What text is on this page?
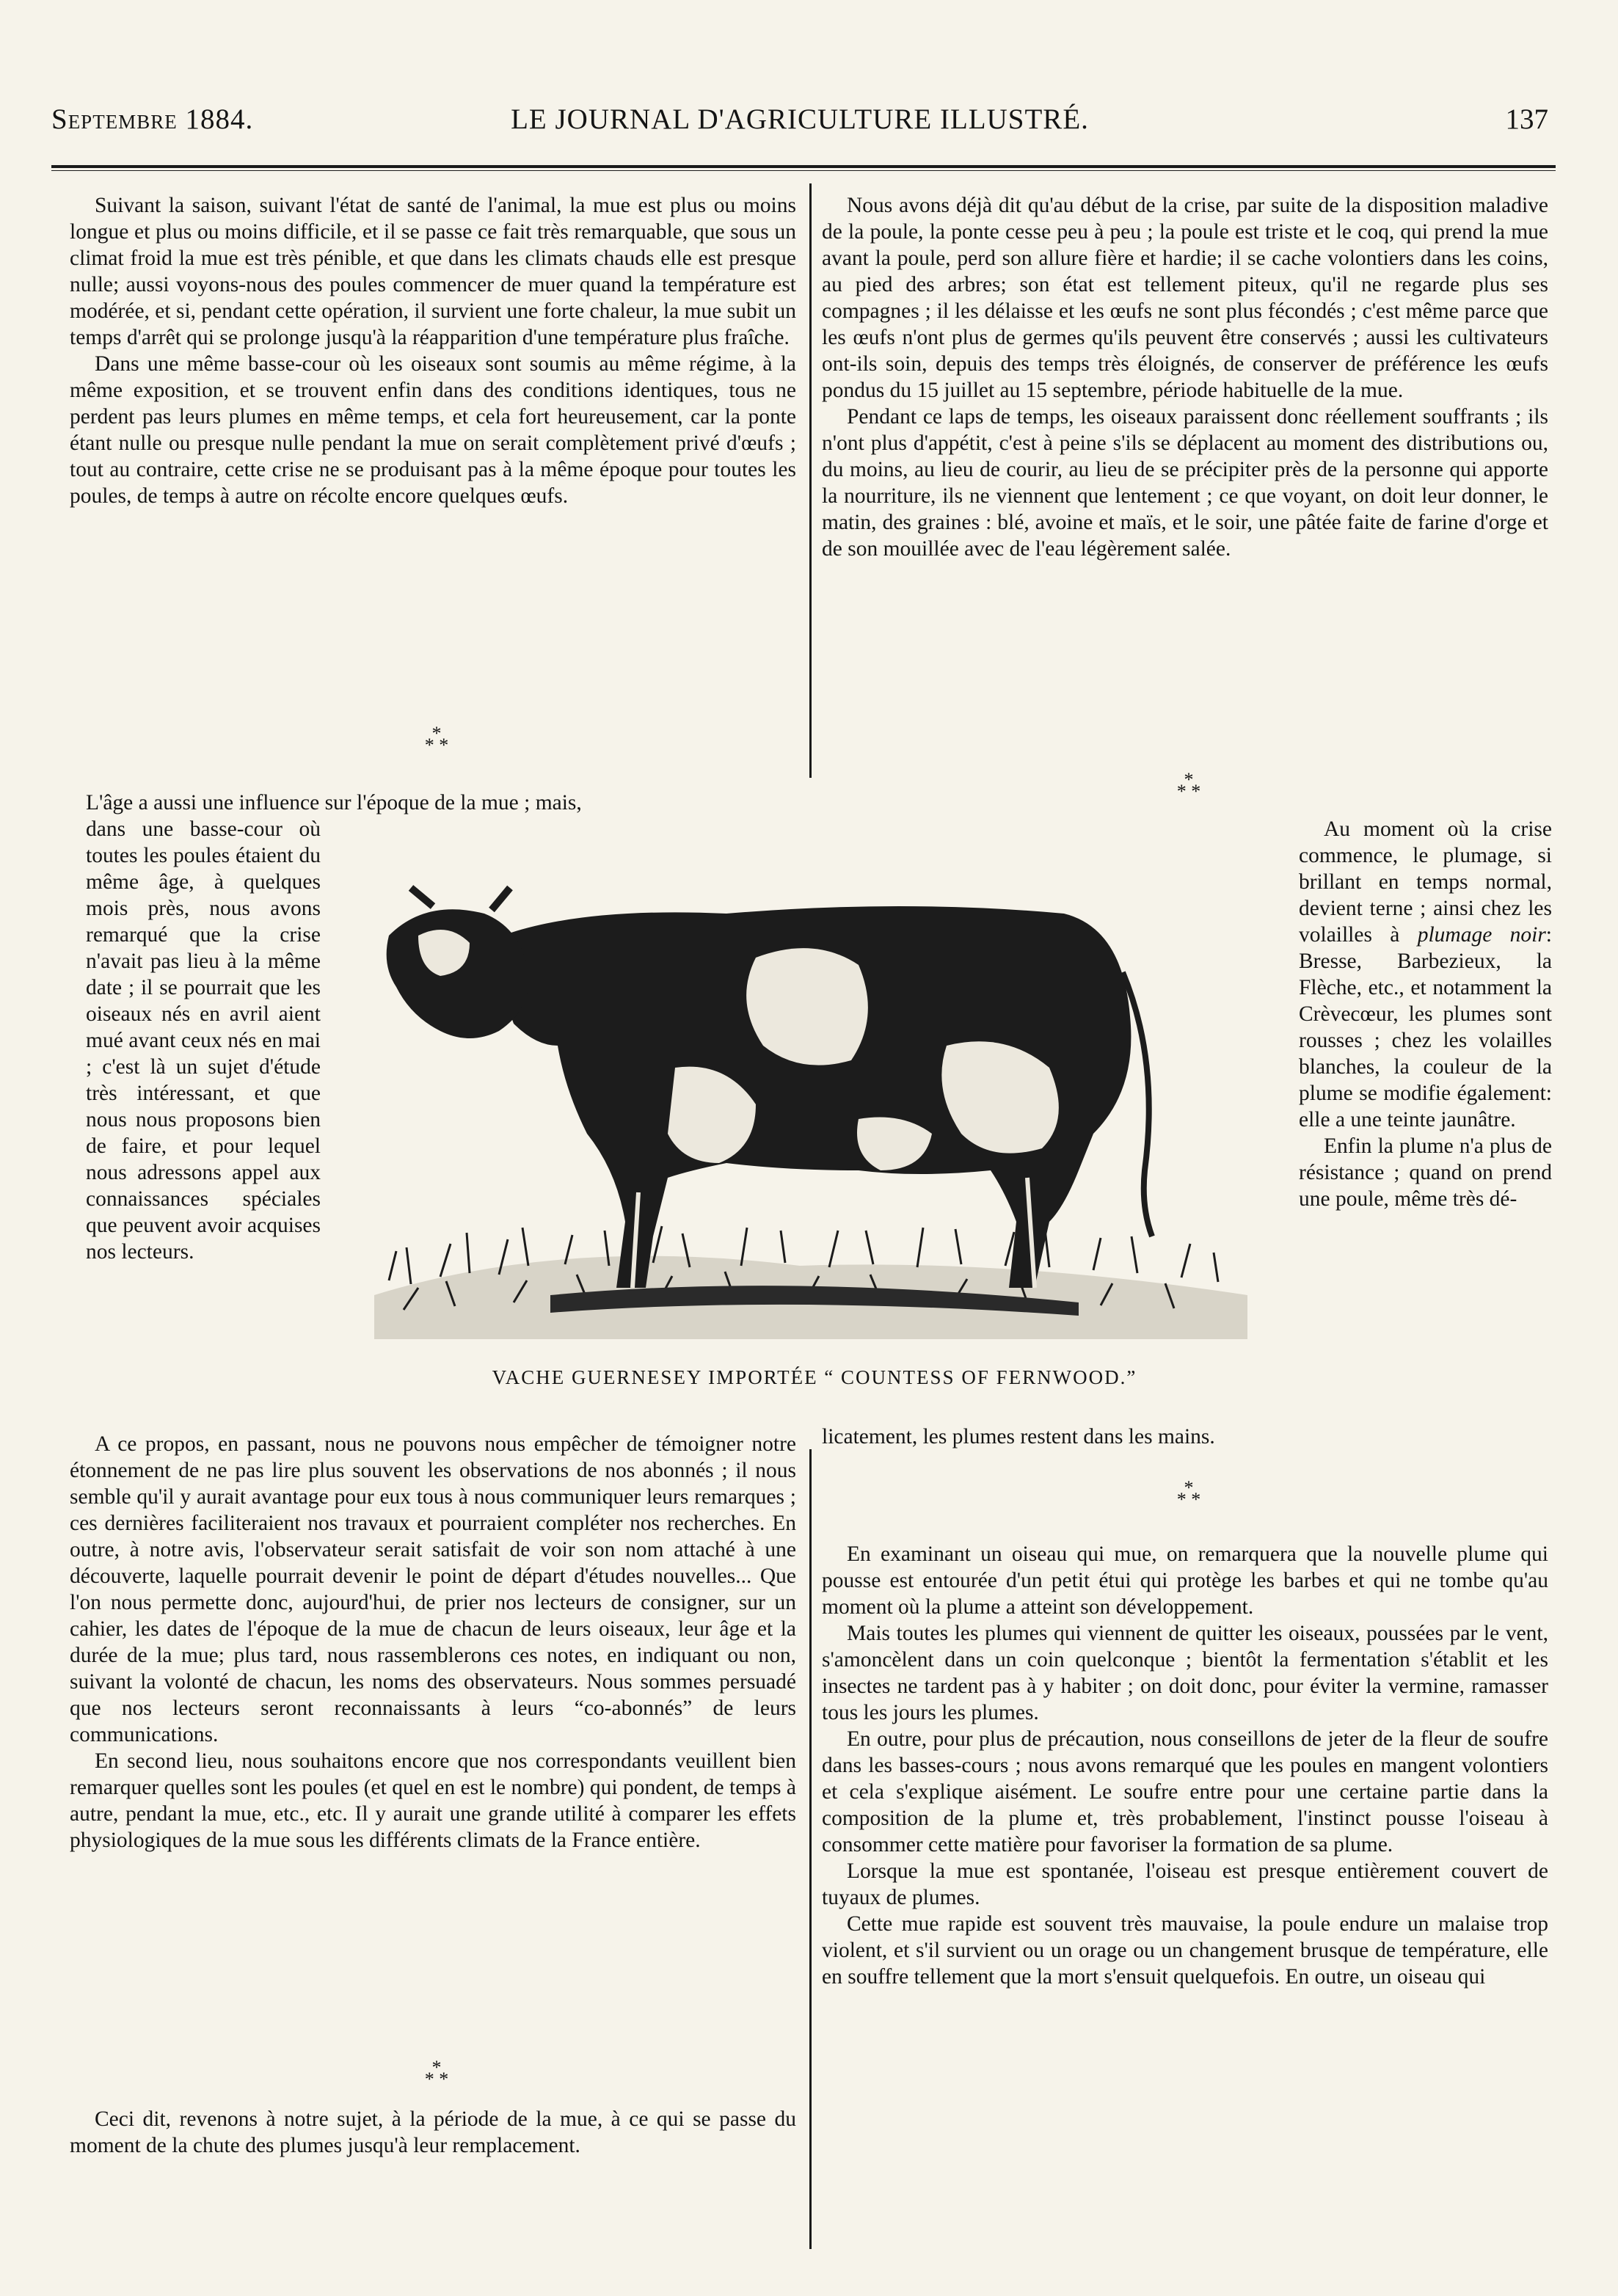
Septembre 1884.	LE JOURNAL D'AGRICULTURE ILLUSTRÉ.	137

Suivant la saison, suivant l'état de santé de l'animal, la mue est plus ou moins longue et plus ou moins difficile, et il se passe ce fait très remarquable, que sous un climat froid la mue est très pénible, et que dans les climats chauds elle est presque nulle; aussi voyons-nous des poules commencer de muer quand la température est modérée, et si, pendant cette opération, il survient une forte chaleur, la mue subit un temps d'arrêt qui se prolonge jusqu'à la réapparition d'une température plus fraîche.

Dans une même basse-cour où les oiseaux sont soumis au même régime, à la même exposition, et se trouvent enfin dans des conditions identiques, tous ne perdent pas leurs plumes en même temps, et cela fort heureusement, car la ponte étant nulle ou presque nulle pendant la mue on serait complètement privé d'œufs ; tout au contraire, cette crise ne se produisant pas à la même époque pour toutes les poules, de temps à autre on récolte encore quelques œufs.

*
* *

Nous avons déjà dit qu'au début de la crise, par suite de la disposition maladive de la poule, la ponte cesse peu à peu ; la poule est triste et le coq, qui prend la mue avant la poule, perd son allure fière et hardie; il se cache volontiers dans les coins, au pied des arbres; son état est tellement piteux, qu'il ne regarde plus ses compagnes ; il les délaisse et les œufs ne sont plus fécondés ; c'est même parce que les œufs n'ont plus de germes qu'ils peuvent être conservés ; aussi les cultivateurs ont-ils soin, depuis des temps très éloignés, de conserver de préférence les œufs pondus du 15 juillet au 15 septembre, période habituelle de la mue.

Pendant ce laps de temps, les oiseaux paraissent donc réellement souffrants ; ils n'ont plus d'appétit, c'est à peine s'ils se déplacent au moment des distributions ou, du moins, au lieu de courir, au lieu de se précipiter près de la personne qui apporte la nourriture, ils ne viennent que lentement ; ce que voyant, on doit leur donner, le matin, des graines : blé, avoine et maïs, et le soir, une pâtée faite de farine d'orge et de son mouillée avec de l'eau légèrement salée.

*
* *
L'âge a aussi une influence sur l'époque de la mue ; mais,
dans une basse-cour où toutes les poules étaient du même âge, à quelques mois près, nous avons remarqué que la crise n'avait pas lieu à la même date ; il se pourrait que les oiseaux nés en avril aient mué avant ceux nés en mai ; c'est là un sujet d'étude très intéressant, et que nous nous proposons bien de faire, et pour lequel nous adressons appel aux connaissances spéciales que peuvent avoir acquises nos lecteurs.
VACHE GUERNESEY IMPORTÉE “ COUNTESS OF FERNWOOD.”

Au moment où la crise commence, le plumage, si brillant en temps normal, devient terne ; ainsi chez les volailles à plumage noir: Bresse, Barbezieux, la Flèche, etc., et notamment la Crèvecœur, les plumes sont rousses ; chez les volailles blanches, la couleur de la plume se modifie également: elle a une teinte jaunâtre.

Enfin la plume n'a plus de résistance ; quand on prend une poule, même très dé-

licatement, les plumes restent dans les mains.
*
* *

A ce propos, en passant, nous ne pouvons nous empêcher de témoigner notre étonnement de ne pas lire plus souvent les observations de nos abonnés ; il nous semble qu'il y aurait avantage pour eux tous à nous communiquer leurs remarques ; ces dernières faciliteraient nos travaux et pourraient compléter nos recherches. En outre, à notre avis, l'observateur serait satisfait de voir son nom attaché à une découverte, laquelle pourrait devenir le point de départ d'études nouvelles... Que l'on nous permette donc, aujourd'hui, de prier nos lecteurs de consigner, sur un cahier, les dates de l'époque de la mue de chacun de leurs oiseaux, leur âge et la durée de la mue; plus tard, nous rassemblerons ces notes, en indiquant ou non, suivant la volonté de chacun, les noms des observateurs. Nous sommes persuadé que nos lecteurs seront reconnaissants à leurs “co-abonnés” de leurs communications.

En second lieu, nous souhaitons encore que nos correspondants veuillent bien remarquer quelles sont les poules (et quel en est le nombre) qui pondent, de temps à autre, pendant la mue, etc., etc. Il y aurait une grande utilité à comparer les effets physiologiques de la mue sous les différents climats de la France entière.

*
* *

Ceci dit, revenons à notre sujet, à la période de la mue, à ce qui se passe du moment de la chute des plumes jusqu'à leur remplacement.

En examinant un oiseau qui mue, on remarquera que la nouvelle plume qui pousse est entourée d'un petit étui qui protège les barbes et qui ne tombe qu'au moment où la plume a atteint son développement.

Mais toutes les plumes qui viennent de quitter les oiseaux, poussées par le vent, s'amoncèlent dans un coin quelconque ; bientôt la fermentation s'établit et les insectes ne tardent pas à y habiter ; on doit donc, pour éviter la vermine, ramasser tous les jours les plumes.

En outre, pour plus de précaution, nous conseillons de jeter de la fleur de soufre dans les basses-cours ; nous avons remarqué que les poules en mangent volontiers et cela s'explique aisément. Le soufre entre pour une certaine partie dans la composition de la plume et, très probablement, l'instinct pousse l'oiseau à consommer cette matière pour favoriser la formation de sa plume.

Lorsque la mue est spontanée, l'oiseau est presque entièrement couvert de tuyaux de plumes.

Cette mue rapide est souvent très mauvaise, la poule endure un malaise trop violent, et s'il survient ou un orage ou un changement brusque de température, elle en souffre tellement que la mort s'ensuit quelquefois. En outre, un oiseau qui
